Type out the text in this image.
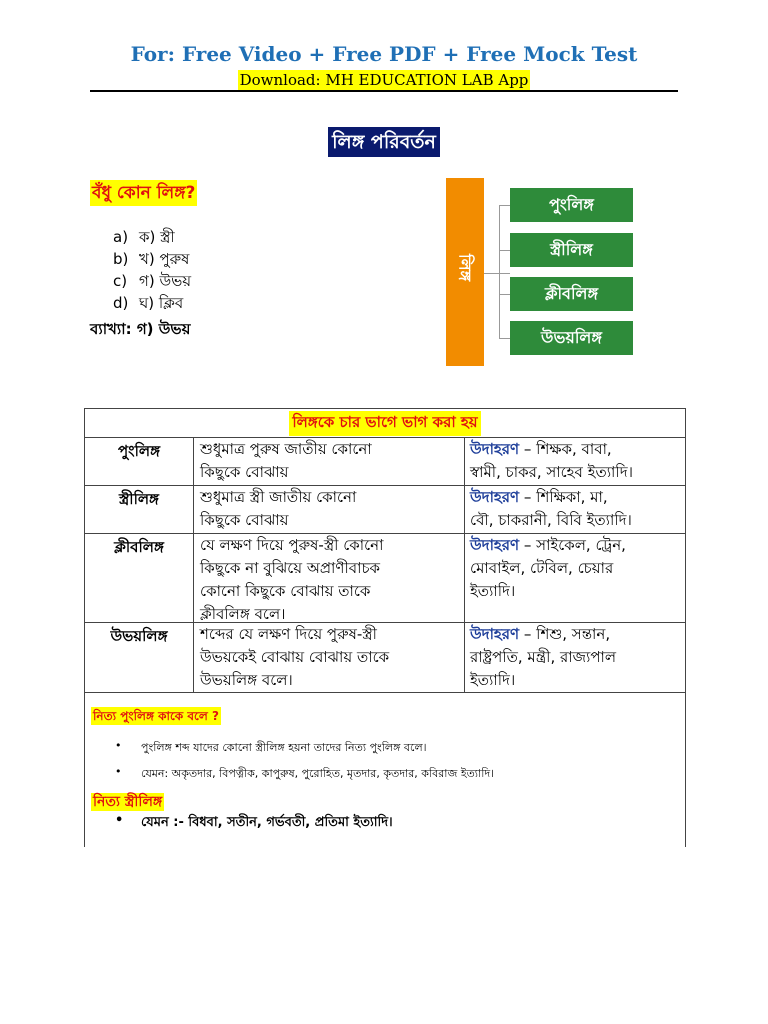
For: Free Video + Free PDF + Free Mock Test
Download: MH EDUCATION LAB App
লিঙ্গ পরিবর্তন
বঁধু কোন লিঙ্গ?
a) ক) স্ত্রী
b) খ) পুরুষ
c) গ) উভয়
d) ঘ) ক্লিব
ব্যাখ্যা: গ) উভয়
লিঙ্গ
পুংলিঙ্গ
স্ত্রীলিঙ্গ
ক্লীবলিঙ্গ
উভয়লিঙ্গ
লিঙ্গকে চার ভাগে ভাগ করা হয়
পুংলিঙ্গ	শুধুমাত্র পুরুষ জাতীয় কোনো
কিছুকে বোঝায়
উদাহরণ – শিক্ষক, বাবা,
স্বামী, চাকর, সাহেব ইত্যাদি।
স্ত্রীলিঙ্গ	শুধুমাত্র স্ত্রী জাতীয় কোনো
কিছুকে বোঝায়
উদাহরণ – শিক্ষিকা, মা,
বৌ, চাকরানী, বিবি ইত্যাদি।
ক্লীবলিঙ্গ	যে লক্ষণ দিয়ে পুরুষ-স্ত্রী কোনো
কিছুকে না বুঝিয়ে অপ্রাণীবাচক
কোনো কিছুকে বোঝায় তাকে
ক্লীবলিঙ্গ বলে।
উদাহরণ – সাইকেল, ট্রেন,
মোবাইল, টেবিল, চেয়ার
ইত্যাদি।
উভয়লিঙ্গ	শব্দের যে লক্ষণ দিয়ে পুরুষ-স্ত্রী
উভয়কেই বোঝায় বোঝায় তাকে
উভয়লিঙ্গ বলে।
উদাহরণ – শিশু, সন্তান,
রাষ্ট্রপতি, মন্ত্রী, রাজ্যপাল
ইত্যাদি।
নিত্য পুংলিঙ্গ কাকে বলে ?
•	পুংলিঙ্গ শব্দ যাদের কোনো স্ত্রীলিঙ্গ হয়না তাদের নিত্য পুংলিঙ্গ বলে।
•	যেমন: অকৃতদার, বিপত্নীক, কাপুরুষ, পুরোহিত, মৃতদার, কৃতদার, কবিরাজ ইত্যাদি।
নিত্য স্ত্রীলিঙ্গ
•	যেমন :- বিধবা, সতীন, গর্ভবতী, প্রতিমা ইত্যাদি।
